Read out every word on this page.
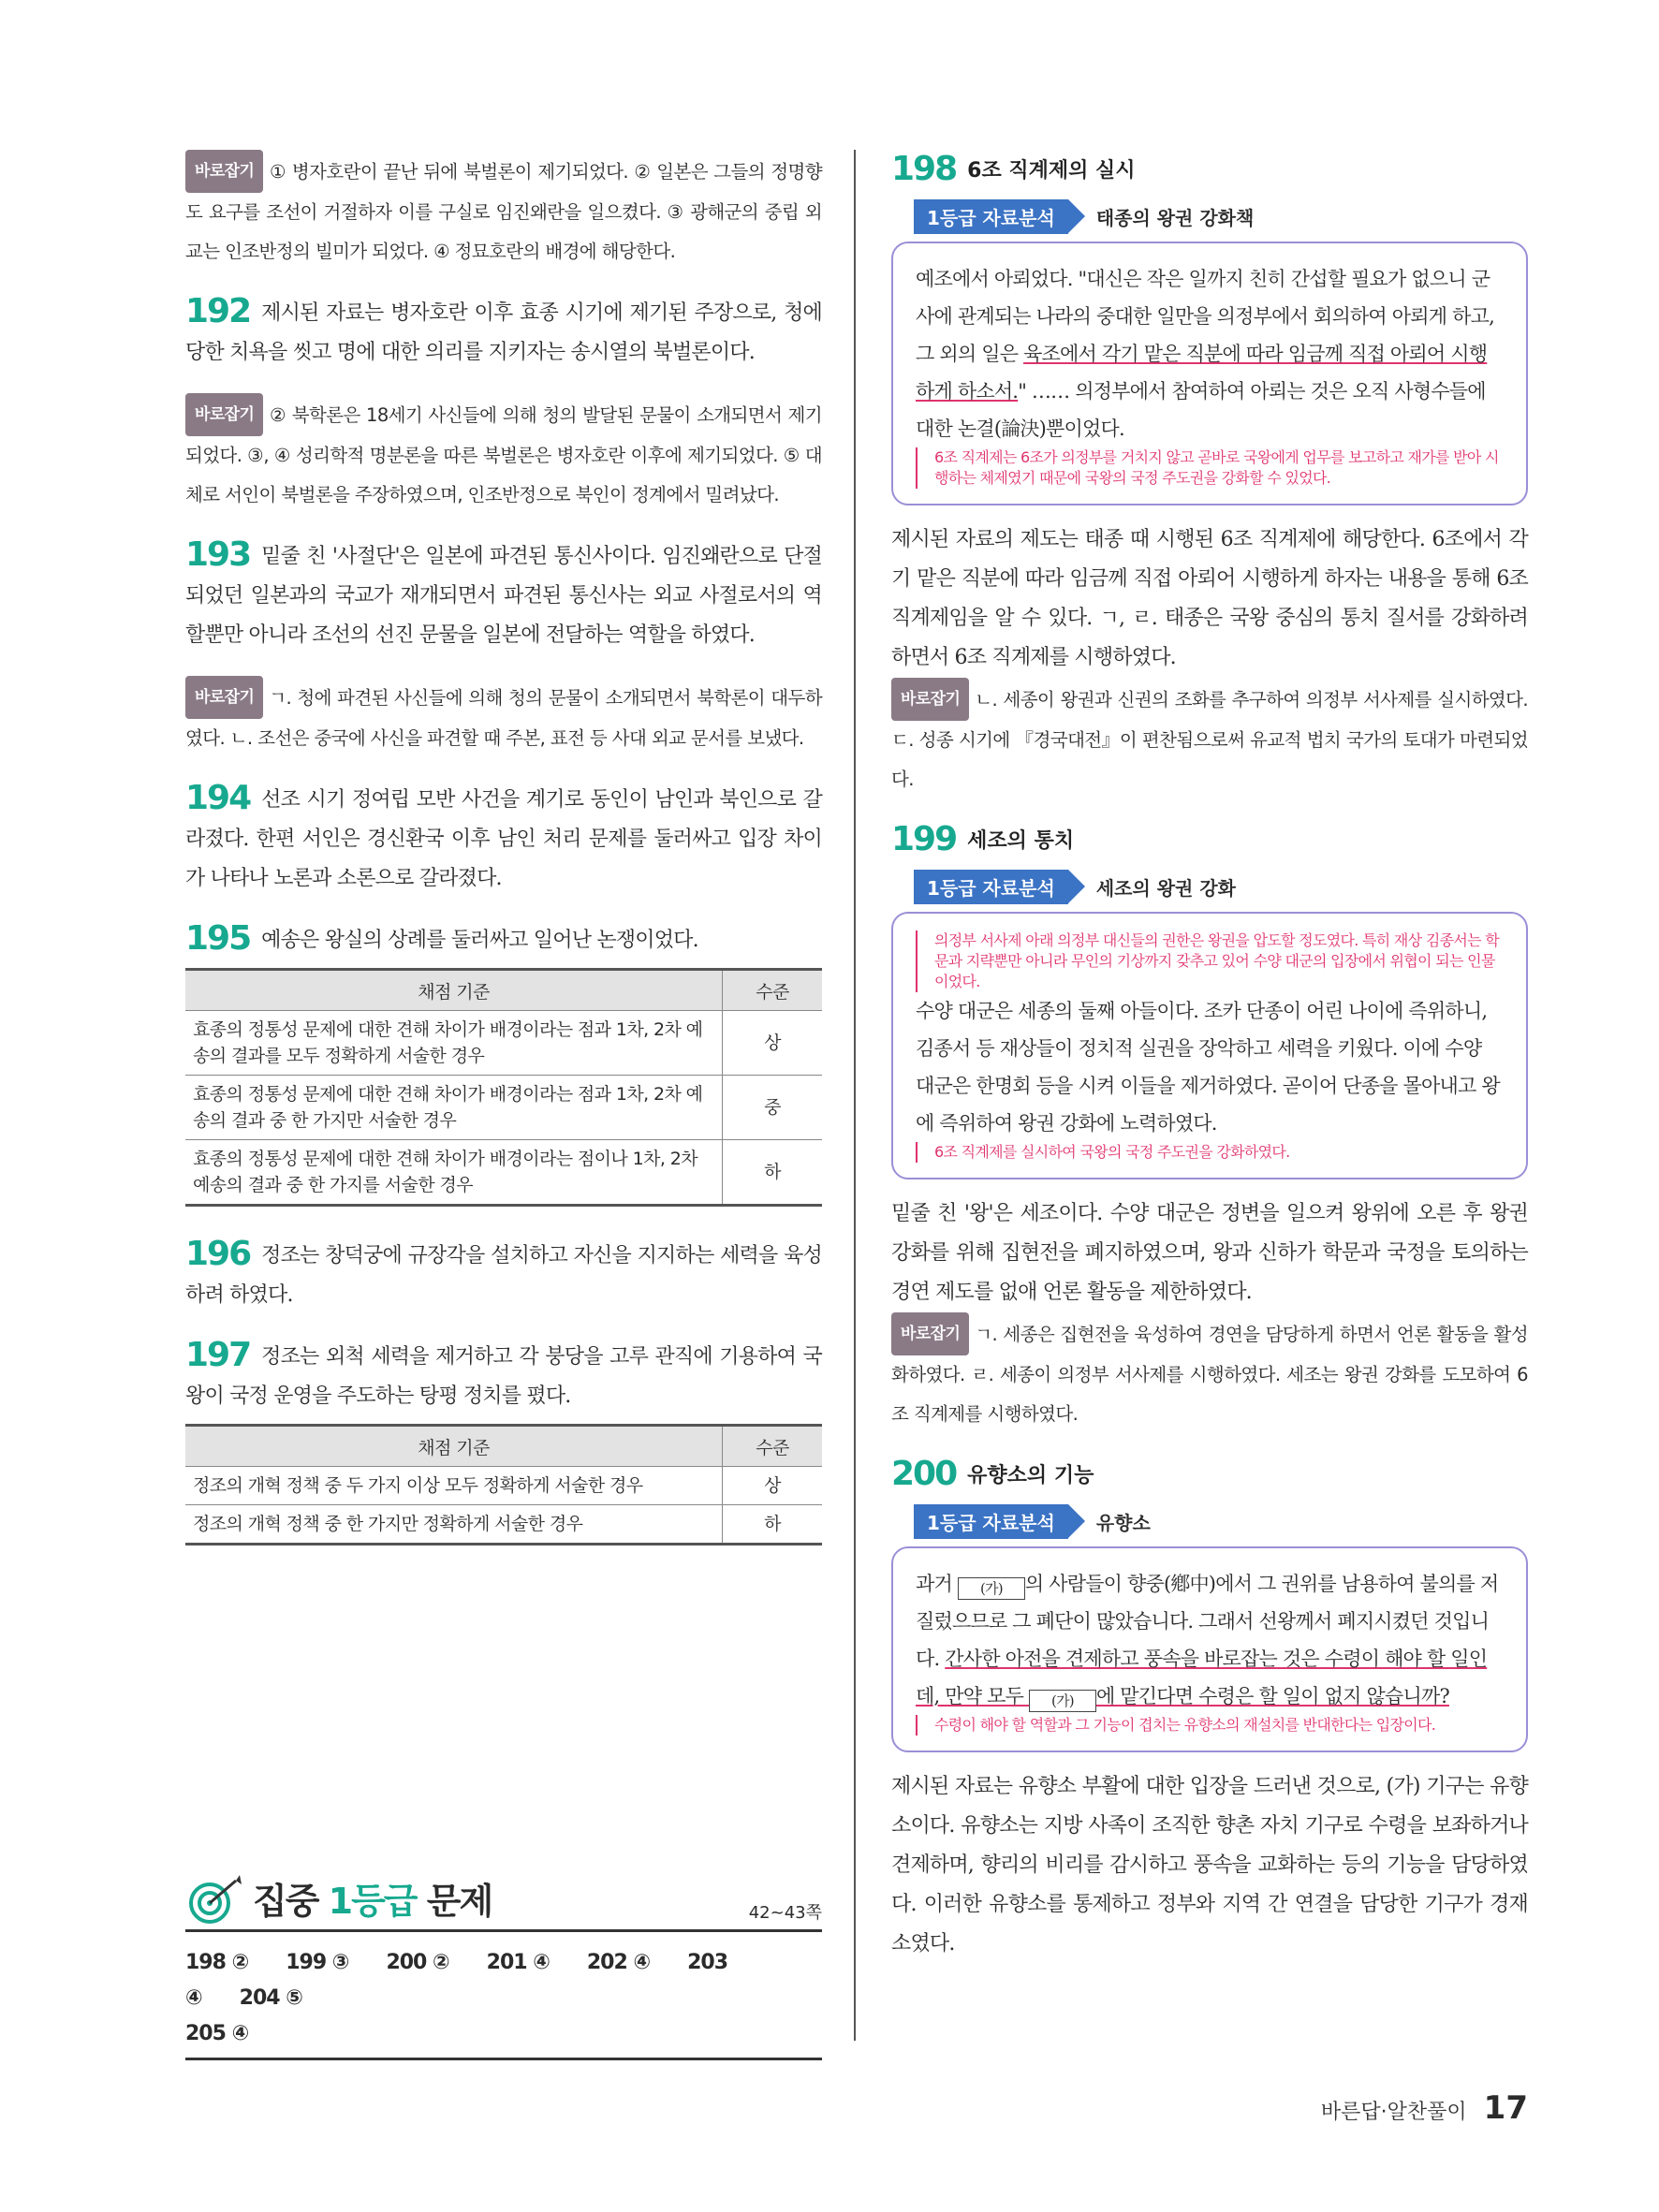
바로잡기 ① 병자호란이 끝난 뒤에 북벌론이 제기되었다. ② 일본은 그들의 정명향도 요구를 조선이 거절하자 이를 구실로 임진왜란을 일으켰다. ③ 광해군의 중립 외교는 인조반정의 빌미가 되었다. ④ 정묘호란의 배경에 해당한다.
192 제시된 자료는 병자호란 이후 효종 시기에 제기된 주장으로, 청에 당한 치욕을 씻고 명에 대한 의리를 지키자는 송시열의 북벌론이다.
바로잡기 ② 북학론은 18세기 사신들에 의해 청의 발달된 문물이 소개되면서 제기되었다. ③, ④ 성리학적 명분론을 따른 북벌론은 병자호란 이후에 제기되었다. ⑤ 대체로 서인이 북벌론을 주장하였으며, 인조반정으로 북인이 정계에서 밀려났다.
193 밑줄 친 '사절단'은 일본에 파견된 통신사이다. 임진왜란으로 단절되었던 일본과의 국교가 재개되면서 파견된 통신사는 외교 사절로서의 역할뿐만 아니라 조선의 선진 문물을 일본에 전달하는 역할을 하였다.
바로잡기 ㄱ. 청에 파견된 사신들에 의해 청의 문물이 소개되면서 북학론이 대두하였다. ㄴ. 조선은 중국에 사신을 파견할 때 주본, 표전 등 사대 외교 문서를 보냈다.
194 선조 시기 정여립 모반 사건을 계기로 동인이 남인과 북인으로 갈라졌다. 한편 서인은 경신환국 이후 남인 처리 문제를 둘러싸고 입장 차이가 나타나 노론과 소론으로 갈라졌다.
195 예송은 왕실의 상례를 둘러싸고 일어난 논쟁이었다.
채점 기준	수준
효종의 정통성 문제에 대한 견해 차이가 배경이라는 점과 1차, 2차 예송의 결과를 모두 정확하게 서술한 경우	상
효종의 정통성 문제에 대한 견해 차이가 배경이라는 점과 1차, 2차 예송의 결과 중 한 가지만 서술한 경우	중
효종의 정통성 문제에 대한 견해 차이가 배경이라는 점이나 1차, 2차 예송의 결과 중 한 가지를 서술한 경우	하
196 정조는 창덕궁에 규장각을 설치하고 자신을 지지하는 세력을 육성하려 하였다.
197 정조는 외척 세력을 제거하고 각 붕당을 고루 관직에 기용하여 국왕이 국정 운영을 주도하는 탕평 정치를 폈다.
채점 기준	수준
정조의 개혁 정책 중 두 가지 이상 모두 정확하게 서술한 경우	상
정조의 개혁 정책 중 한 가지만 정확하게 서술한 경우	하
집중 1등급 문제	42~43쪽
198 ② 199 ③ 200 ② 201 ④ 202 ④ 203 ④ 204 ⑤
205 ④
198 6조 직계제의 실시
1등급 자료분석	태종의 왕권 강화책
예조에서 아뢰었다. "대신은 작은 일까지 친히 간섭할 필요가 없으니 군사에 관계되는 나라의 중대한 일만을 의정부에서 회의하여 아뢰게 하고, 그 외의 일은 육조에서 각기 맡은 직분에 따라 임금께 직접 아뢰어 시행하게 하소서." …… 의정부에서 참여하여 아뢰는 것은 오직 사형수들에 대한 논결(論決)뿐이었다.
6조 직계제는 6조가 의정부를 거치지 않고 곧바로 국왕에게 업무를 보고하고 재가를 받아 시행하는 체제였기 때문에 국왕의 국정 주도권을 강화할 수 있었다.
제시된 자료의 제도는 태종 때 시행된 6조 직계제에 해당한다. 6조에서 각기 맡은 직분에 따라 임금께 직접 아뢰어 시행하게 하자는 내용을 통해 6조 직계제임을 알 수 있다. ㄱ, ㄹ. 태종은 국왕 중심의 통치 질서를 강화하려 하면서 6조 직계제를 시행하였다.
바로잡기 ㄴ. 세종이 왕권과 신권의 조화를 추구하여 의정부 서사제를 실시하였다. ㄷ. 성종 시기에 『경국대전』이 편찬됨으로써 유교적 법치 국가의 토대가 마련되었다.
199 세조의 통치
1등급 자료분석	세조의 왕권 강화
의정부 서사제 아래 의정부 대신들의 권한은 왕권을 압도할 정도였다. 특히 재상 김종서는 학문과 지략뿐만 아니라 무인의 기상까지 갖추고 있어 수양 대군의 입장에서 위협이 되는 인물이었다.
수양 대군은 세종의 둘째 아들이다. 조카 단종이 어린 나이에 즉위하니, 김종서 등 재상들이 정치적 실권을 장악하고 세력을 키웠다. 이에 수양 대군은 한명회 등을 시켜 이들을 제거하였다. 곧이어 단종을 몰아내고 왕에 즉위하여 왕권 강화에 노력하였다.
6조 직계제를 실시하여 국왕의 국정 주도권을 강화하였다.
밑줄 친 '왕'은 세조이다. 수양 대군은 정변을 일으켜 왕위에 오른 후 왕권 강화를 위해 집현전을 폐지하였으며, 왕과 신하가 학문과 국정을 토의하는 경연 제도를 없애 언론 활동을 제한하였다.
바로잡기 ㄱ. 세종은 집현전을 육성하여 경연을 담당하게 하면서 언론 활동을 활성화하였다. ㄹ. 세종이 의정부 서사제를 시행하였다. 세조는 왕권 강화를 도모하여 6조 직계제를 시행하였다.
200 유향소의 기능
1등급 자료분석	유향소
과거 (가) 의 사람들이 향중(鄕中)에서 그 권위를 남용하여 불의를 저질렀으므로 그 폐단이 많았습니다. 그래서 선왕께서 폐지시켰던 것입니다. 간사한 아전을 견제하고 풍속을 바로잡는 것은 수령이 해야 할 일인데, 만약 모두 (가) 에 맡긴다면 수령은 할 일이 없지 않습니까?
수령이 해야 할 역할과 그 기능이 겹치는 유향소의 재설치를 반대한다는 입장이다.
제시된 자료는 유향소 부활에 대한 입장을 드러낸 것으로, (가) 기구는 유향소이다. 유향소는 지방 사족이 조직한 향촌 자치 기구로 수령을 보좌하거나 견제하며, 향리의 비리를 감시하고 풍속을 교화하는 등의 기능을 담당하였다. 이러한 유향소를 통제하고 정부와 지역 간 연결을 담당한 기구가 경재소였다.
바른답·알찬풀이 17
